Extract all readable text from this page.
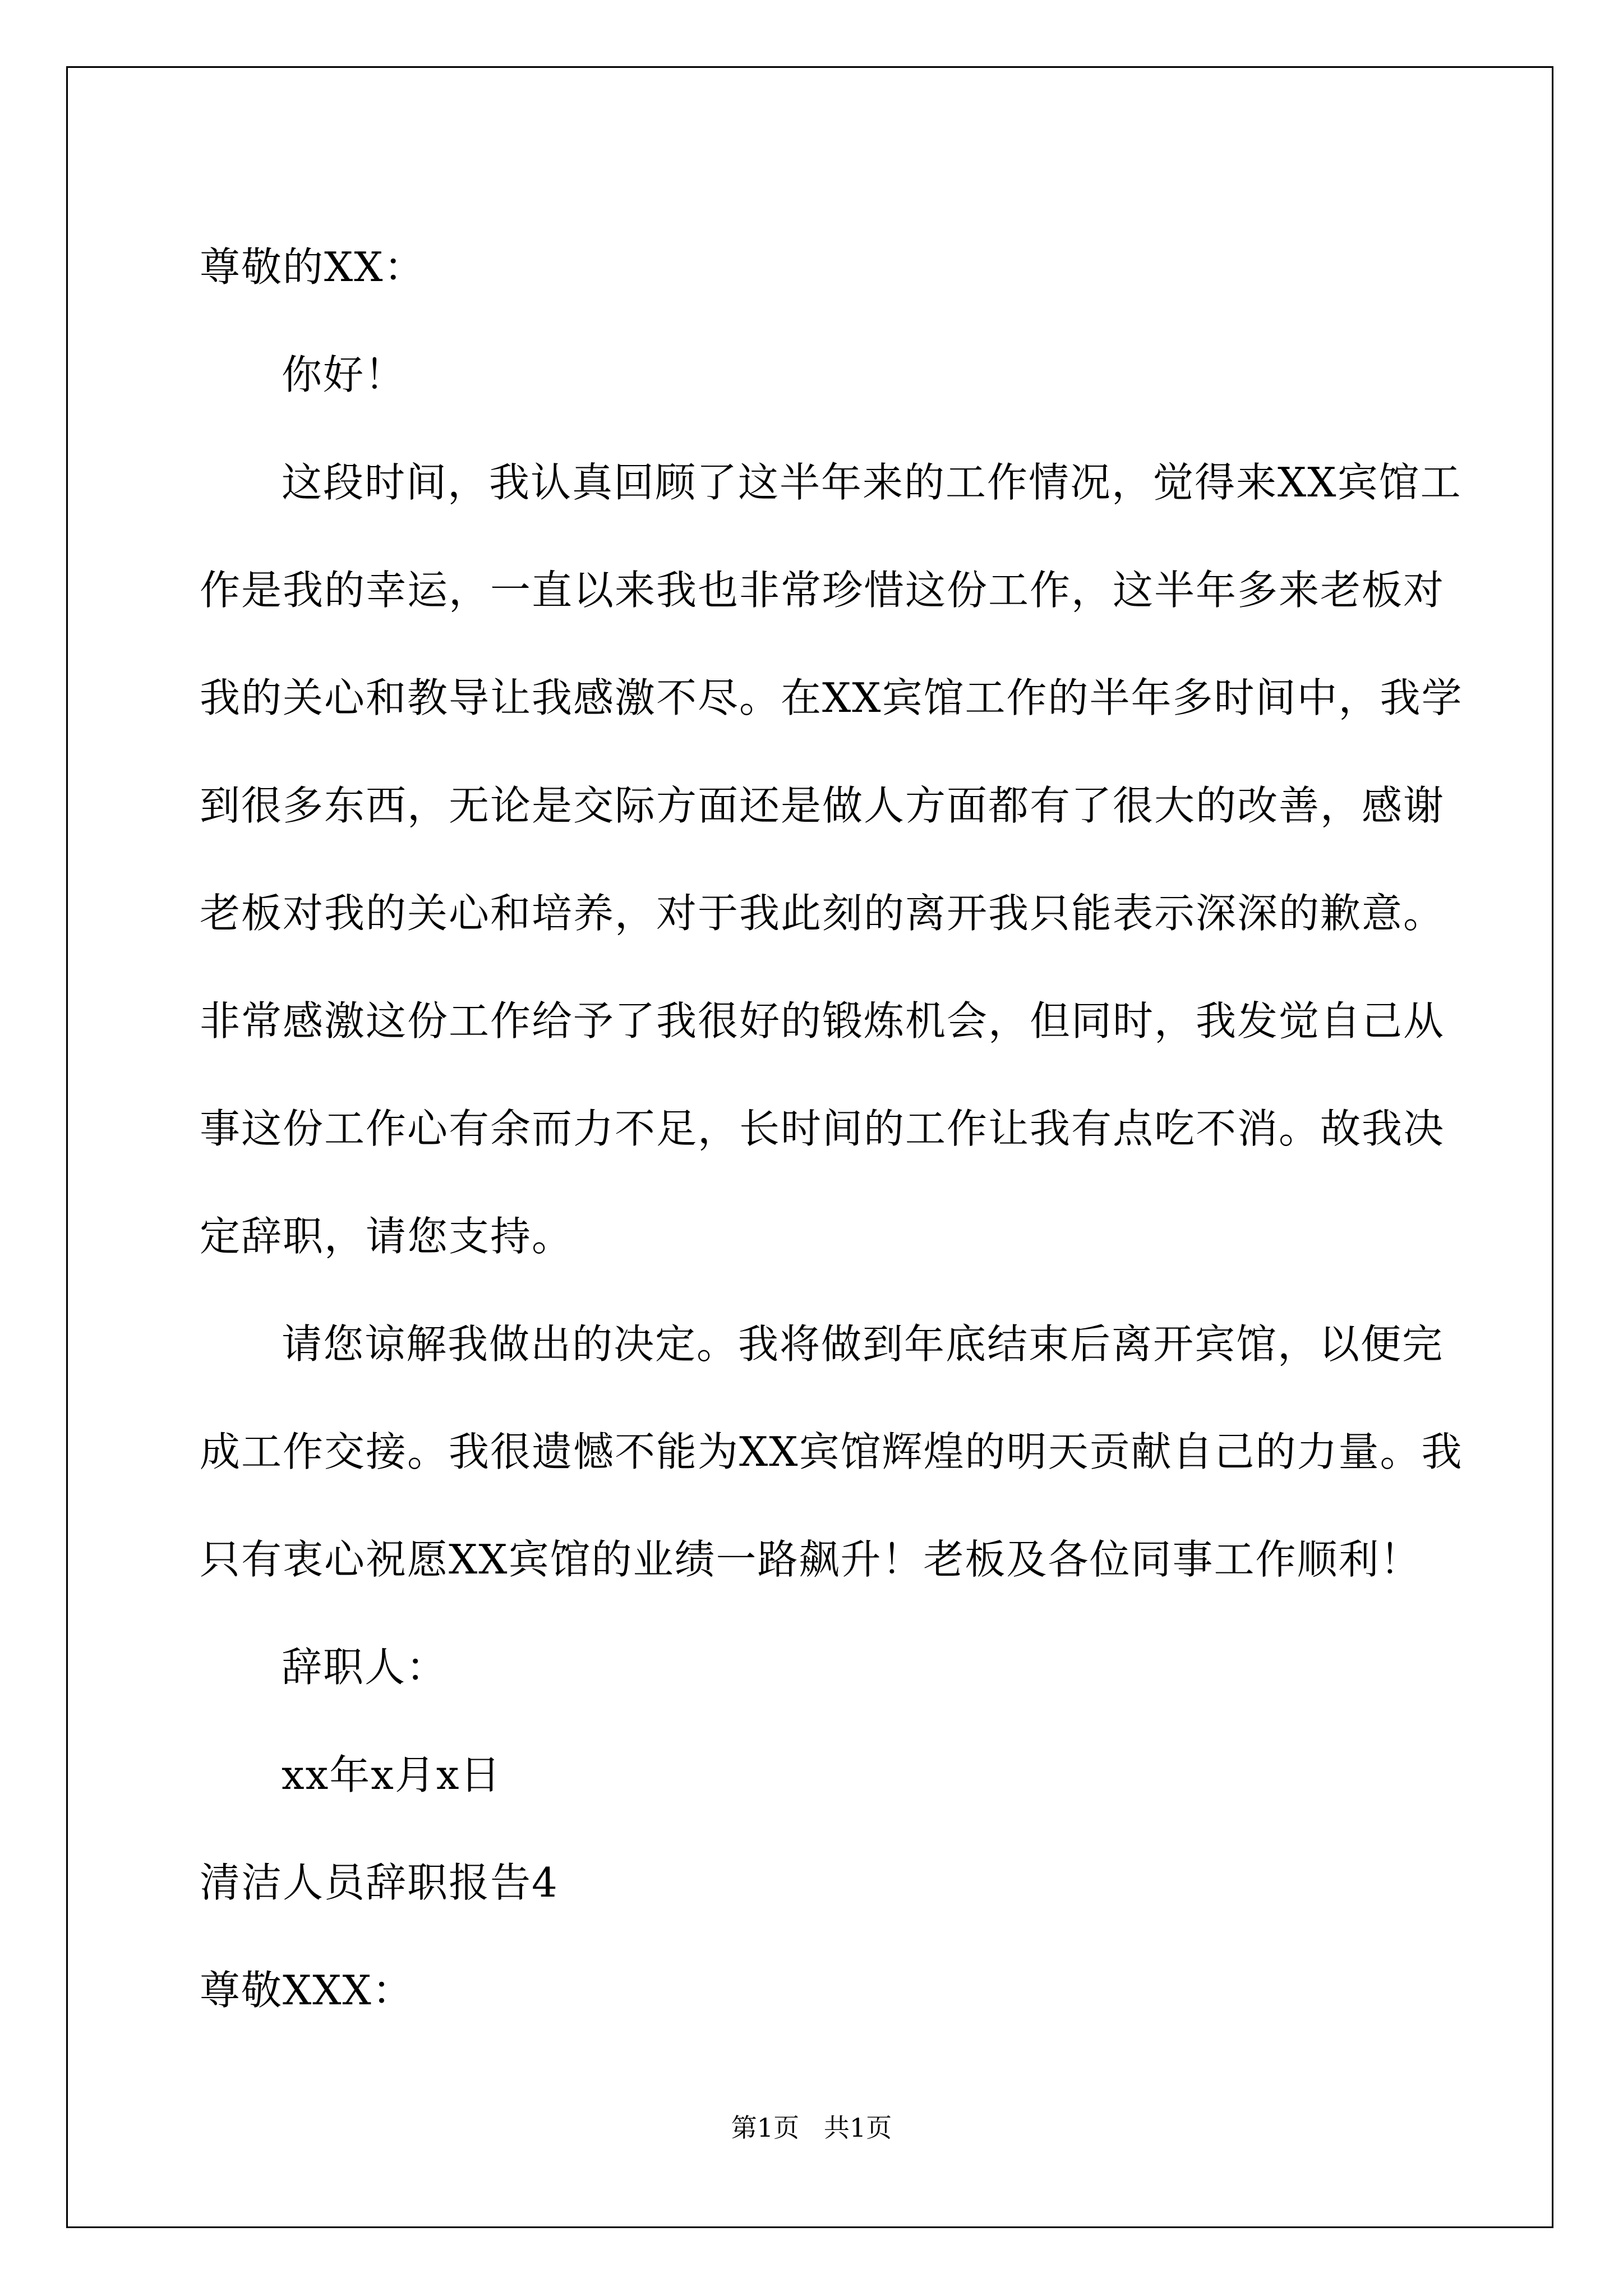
尊敬的XX：
你好！
这段时间，我认真回顾了这半年来的工作情况，觉得来XX宾馆工
作是我的幸运，一直以来我也非常珍惜这份工作，这半年多来老板对
我的关心和教导让我感激不尽。在XX宾馆工作的半年多时间中，我学
到很多东西，无论是交际方面还是做人方面都有了很大的改善，感谢
老板对我的关心和培养，对于我此刻的离开我只能表示深深的歉意。
非常感激这份工作给予了我很好的锻炼机会，但同时，我发觉自己从
事这份工作心有余而力不足，长时间的工作让我有点吃不消。故我决
定辞职，请您支持。
请您谅解我做出的决定。我将做到年底结束后离开宾馆，以便完
成工作交接。我很遗憾不能为XX宾馆辉煌的明天贡献自己的力量。我
只有衷心祝愿XX宾馆的业绩一路飙升！老板及各位同事工作顺利！
辞职人：
xx年x月x日
清洁人员辞职报告4
尊敬XXX：
第1页   共1页
